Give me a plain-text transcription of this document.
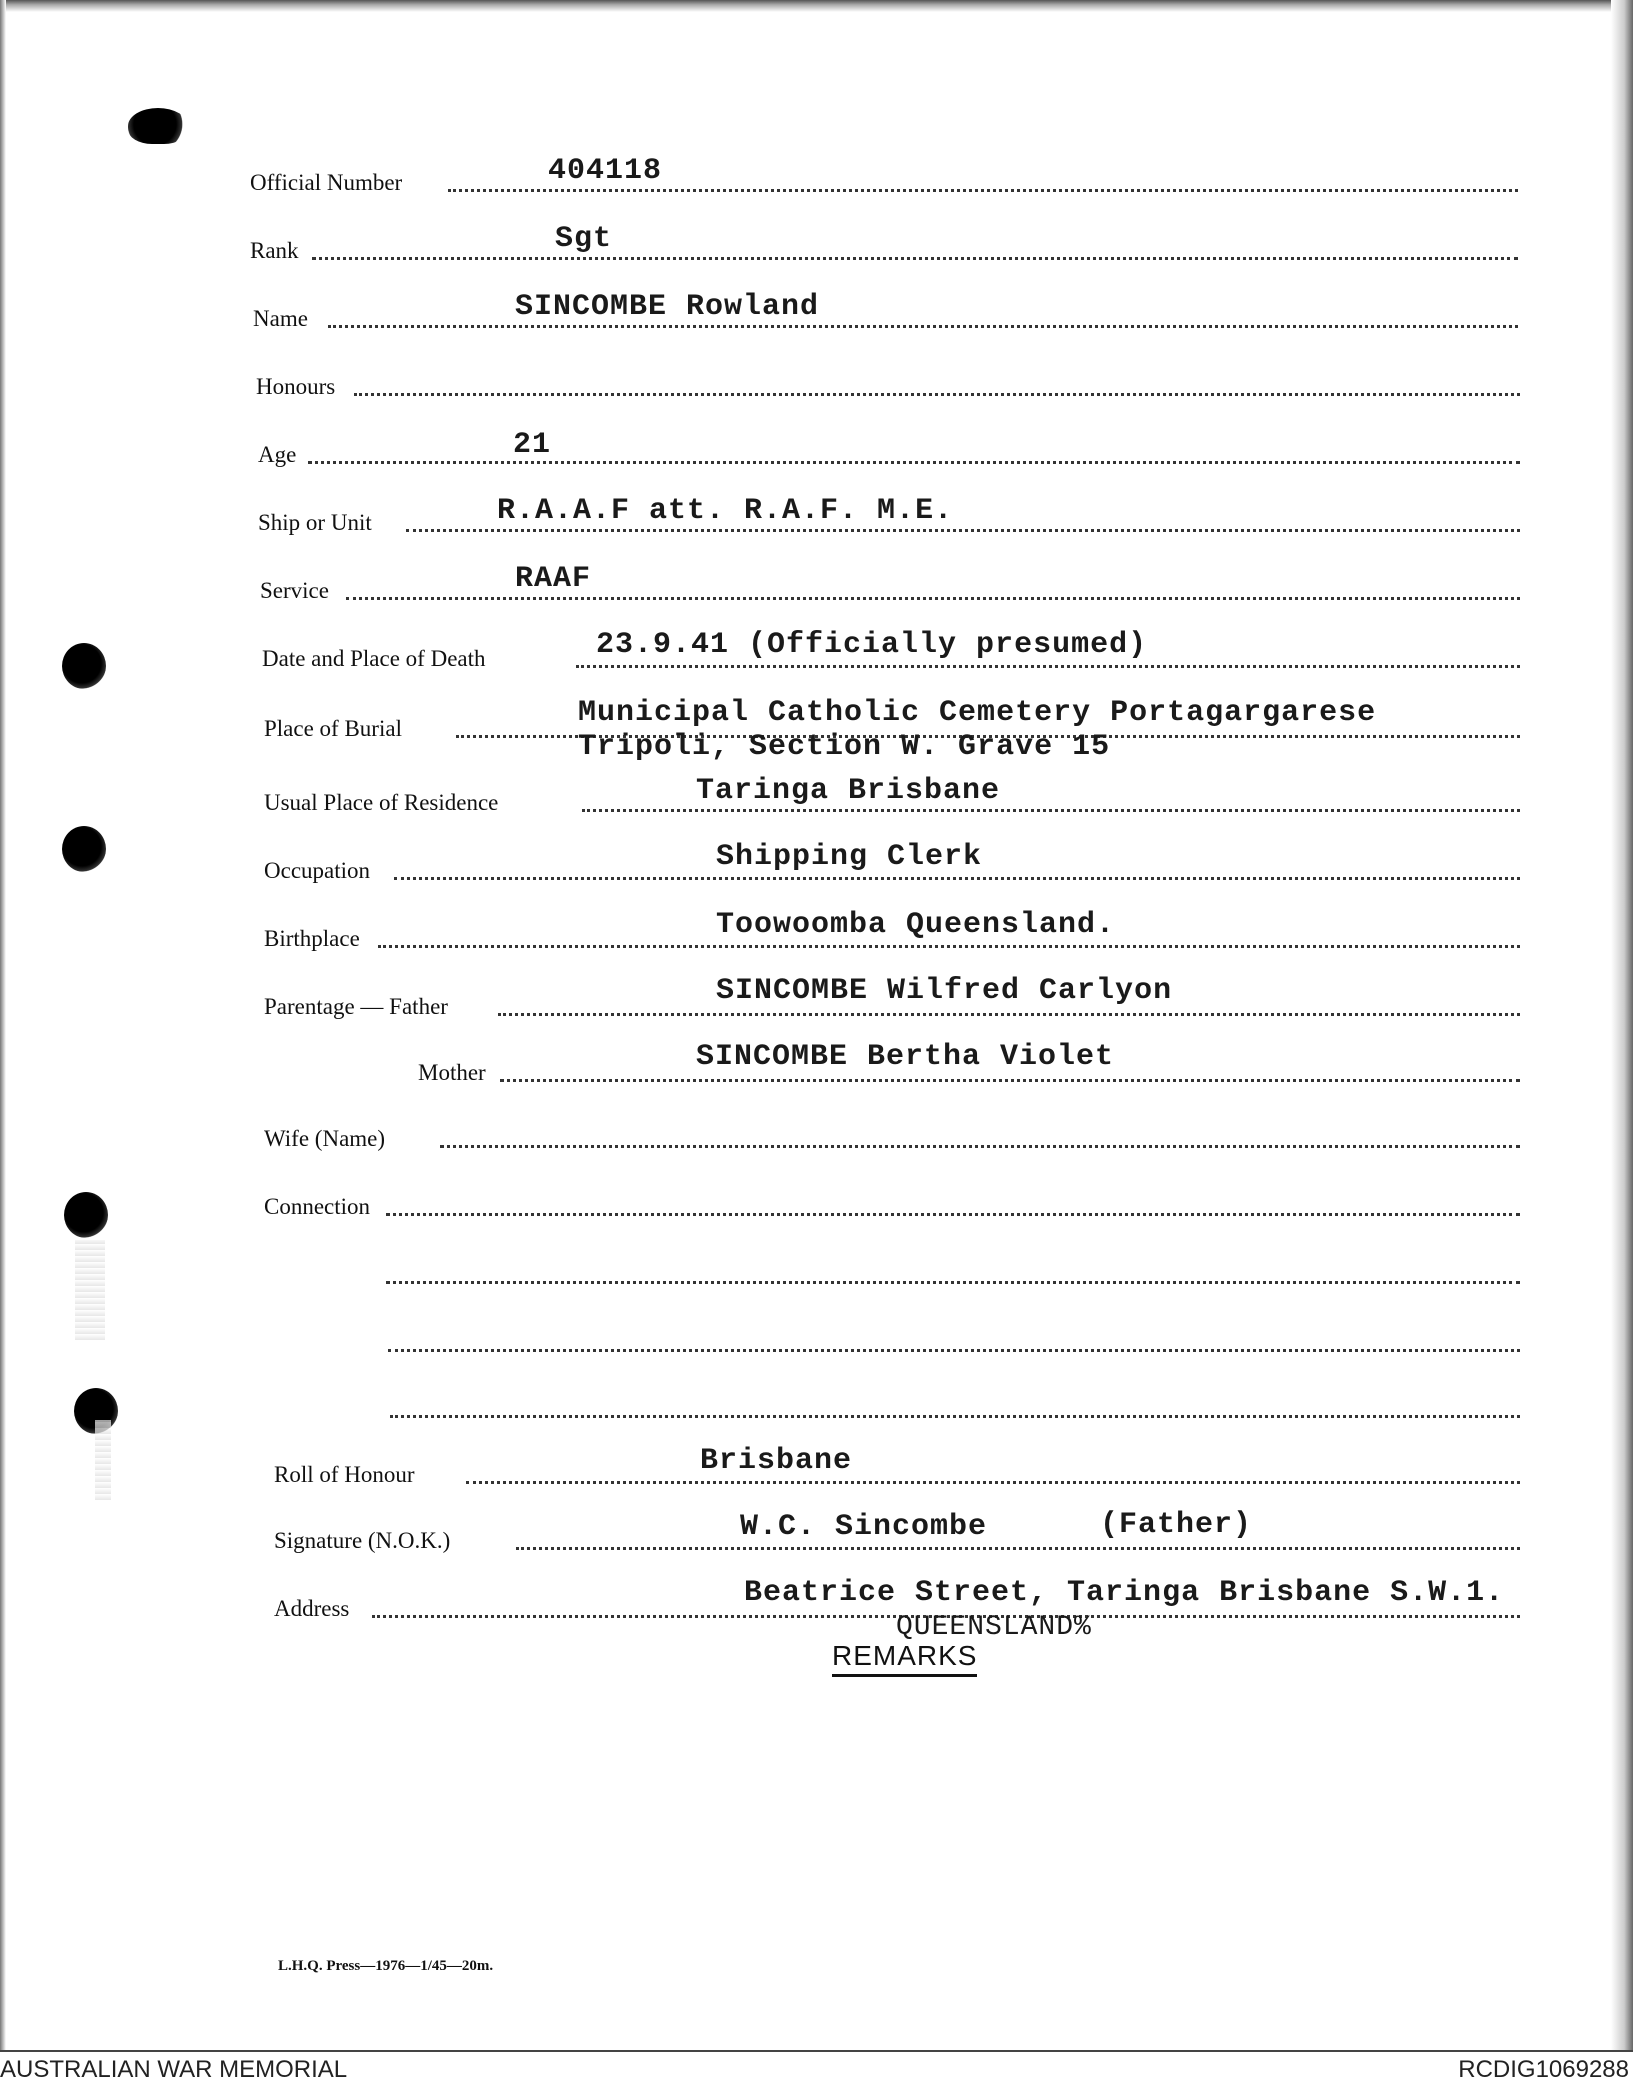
Official Number	404118
Rank	Sgt
Name	SINCOMBE Rowland
Honours
Age	21
Ship or Unit	R.A.A.F att. R.A.F. M.E.
Service	RAAF
Date and Place of Death	23.9.41 (Officially presumed)
Place of Burial	Municipal Catholic Cemetery Portagargarese
Tripoli, Section W. Grave 15
Usual Place of Residence	Taringa Brisbane
Occupation	Shipping Clerk
Birthplace	Toowoomba Queensland.
Parentage — Father	SINCOMBE Wilfred Carlyon
Mother	SINCOMBE Bertha Violet
Wife (Name)
Connection
Roll of Honour	Brisbane
Signature (N.O.K.)	W.C. Sincombe	(Father)
Address	Beatrice Street, Taringa Brisbane S.W.1.
QUEENSLAND%
REMARKS
L.H.Q. Press—1976—1/45—20m.
AUSTRALIAN WAR MEMORIAL	RCDIG1069288
